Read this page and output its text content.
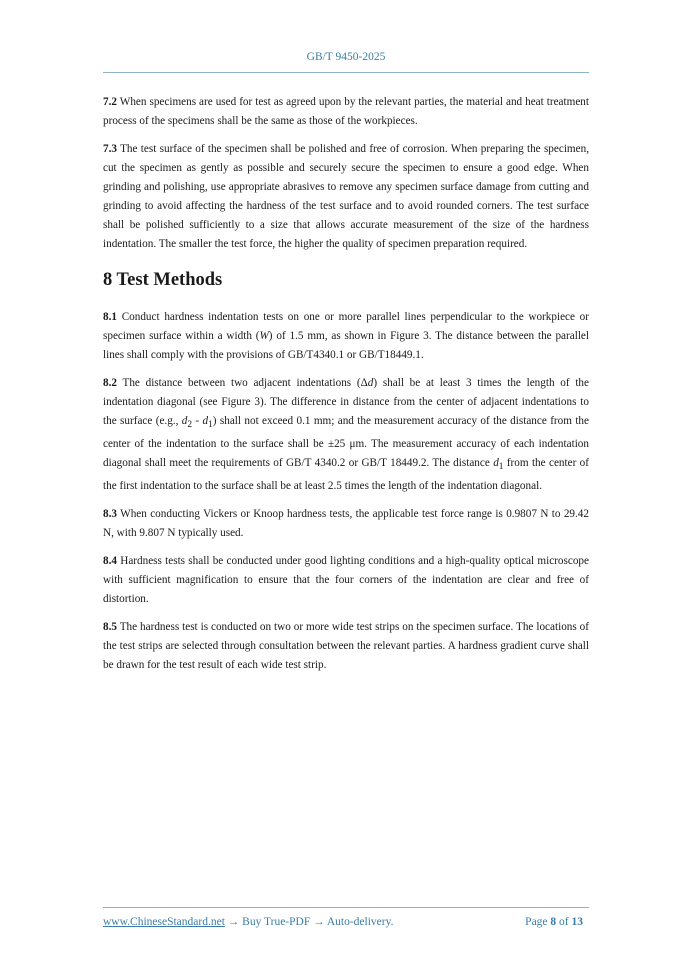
GB/T 9450-2025

7.2 When specimens are used for test as agreed upon by the relevant parties, the material and heat treatment process of the specimens shall be the same as those of the workpieces.

7.3 The test surface of the specimen shall be polished and free of corrosion. When preparing the specimen, cut the specimen as gently as possible and securely secure the specimen to ensure a good edge. When grinding and polishing, use appropriate abrasives to remove any specimen surface damage from cutting and grinding to avoid affecting the hardness of the test surface and to avoid rounded corners. The test surface shall be polished sufficiently to a size that allows accurate measurement of the size of the hardness indentation. The smaller the test force, the higher the quality of specimen preparation required.

8 Test Methods

8.1 Conduct hardness indentation tests on one or more parallel lines perpendicular to the workpiece or specimen surface within a width (W) of 1.5 mm, as shown in Figure 3. The distance between the parallel lines shall comply with the provisions of GB/T4340.1 or GB/T18449.1.

8.2 The distance between two adjacent indentations (Δd) shall be at least 3 times the length of the indentation diagonal (see Figure 3). The difference in distance from the center of adjacent indentations to the surface (e.g., $d_2 - d_1$) shall not exceed 0.1 mm; and the measurement accuracy of the distance from the center of the indentation to the surface shall be ±25 μm. The measurement accuracy of each indentation diagonal shall meet the requirements of GB/T 4340.2 or GB/T 18449.2. The distance $d_1$ from the center of the first indentation to the surface shall be at least 2.5 times the length of the indentation diagonal.

8.3 When conducting Vickers or Knoop hardness tests, the applicable test force range is 0.9807 N to 29.42 N, with 9.807 N typically used.

8.4 Hardness tests shall be conducted under good lighting conditions and a high-quality optical microscope with sufficient magnification to ensure that the four corners of the indentation are clear and free of distortion.

8.5 The hardness test is conducted on two or more wide test strips on the specimen surface. The locations of the test strips are selected through consultation between the relevant parties. A hardness gradient curve shall be drawn for the test result of each wide test strip.

www.ChineseStandard.net → Buy True-PDF → Auto-delivery.	Page 8 of 13
